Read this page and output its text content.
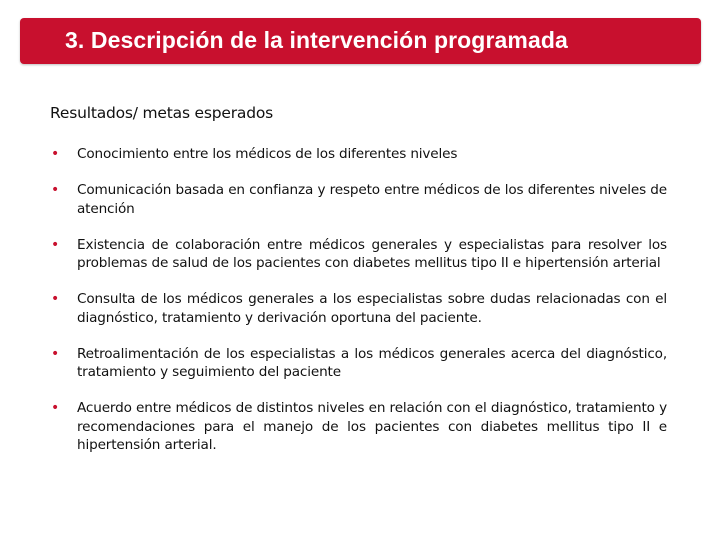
3. Descripción de la intervención programada
Resultados/ metas esperados
• Conocimiento entre los médicos de los diferentes niveles
• Comunicación basada en confianza y respeto entre médicos de los diferentes niveles de atención
• Existencia de colaboración entre médicos generales y especialistas para resolver los problemas de salud de los pacientes con diabetes mellitus tipo II e hipertensión arterial
• Consulta de los médicos generales a los especialistas sobre dudas relacionadas con el diagnóstico, tratamiento y derivación oportuna del paciente.
• Retroalimentación de los especialistas a los médicos generales acerca del diagnóstico, tratamiento y seguimiento del paciente
• Acuerdo entre médicos de distintos niveles en relación con el diagnóstico, tratamiento y recomendaciones para el manejo de los pacientes con diabetes mellitus tipo II e hipertensión arterial.
